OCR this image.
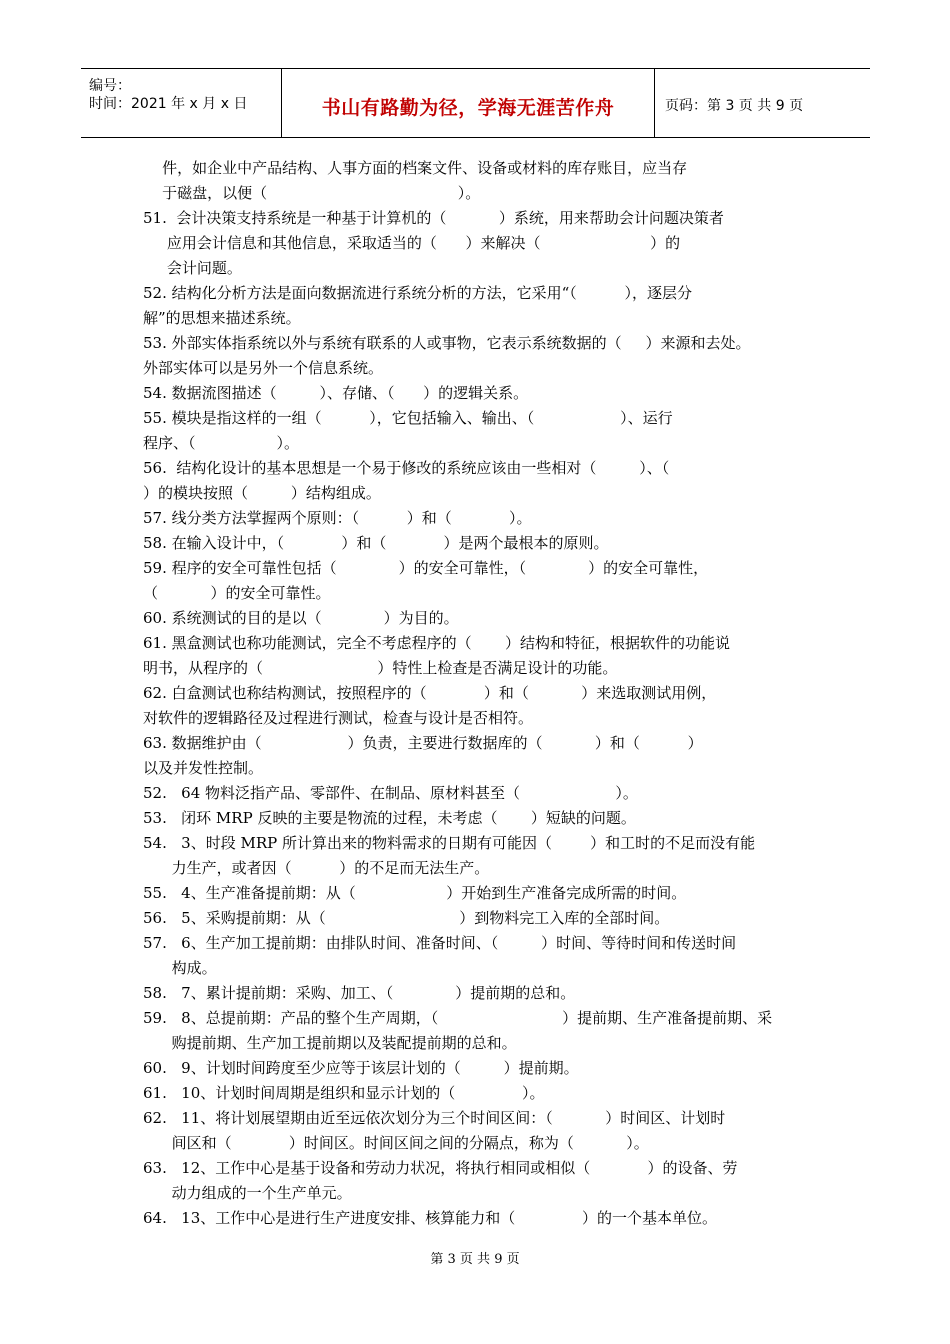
编号：
时间：2021 年 x 月 x 日	书山有路勤为径，学海无涯苦作舟	页码：第 3 页 共 9 页
件，如企业中产品结构、人事方面的档案文件、设备或材料的库存账目，应当存
于磁盘，以便（                                        ）。
51.  会计决策支持系统是一种基于计算机的（           ）系统，用来帮助会计问题决策者
应用会计信息和其他信息，采取适当的（      ）来解决（                       ）的
会计问题。
52. 结构化分析方法是面向数据流进行系统分析的方法，它采用“（          ），逐层分
解”的思想来描述系统。
53. 外部实体指系统以外与系统有联系的人或事物，它表示系统数据的（     ）来源和去处。
外部实体可以是另外一个信息系统。
54. 数据流图描述（         ）、存储、（      ）的逻辑关系。
55. 模块是指这样的一组（          ），它包括输入、输出、（                  ）、运行
程序、（                 ）。
56.  结构化设计的基本思想是一个易于修改的系统应该由一些相对（         ）、（
）的模块按照（         ）结构组成。
57. 线分类方法掌握两个原则：（          ）和（            ）。
58. 在输入设计中，（            ）和（            ）是两个最根本的原则。
59. 程序的安全可靠性包括（             ）的安全可靠性，（             ）的安全可靠性，
（           ）的安全可靠性。
60. 系统测试的目的是以（             ）为目的。
61. 黑盒测试也称功能测试，完全不考虑程序的（       ）结构和特征，根据软件的功能说
明书，从程序的（                        ）特性上检查是否满足设计的功能。
62. 白盒测试也称结构测试，按照程序的（            ）和（           ）来选取测试用例，
对软件的逻辑路径及过程进行测试，检查与设计是否相符。
63. 数据维护由（                  ）负责，主要进行数据库的（           ）和（          ）
以及并发性控制。
52.   64 物料泛指产品、零部件、在制品、原材料甚至（                    ）。
53.   闭环 MRP 反映的主要是物流的过程，未考虑（       ）短缺的问题。
54.   3、时段 MRP 所计算出来的物料需求的日期有可能因（        ）和工时的不足而没有能
力生产，或者因（          ）的不足而无法生产。
55.   4、生产准备提前期：从（                   ）开始到生产准备完成所需的时间。
56.   5、采购提前期：从（                            ）到物料完工入库的全部时间。
57.   6、生产加工提前期：由排队时间、准备时间、（         ）时间、等待时间和传送时间
构成。
58.   7、累计提前期：采购、加工、（             ）提前期的总和。
59.   8、总提前期：产品的整个生产周期，（                          ）提前期、生产准备提前期、采
购提前期、生产加工提前期以及装配提前期的总和。
60.   9、计划时间跨度至少应等于该层计划的（         ）提前期。
61.   10、计划时间周期是组织和显示计划的（              ）。
62.   11、将计划展望期由近至远依次划分为三个时间区间：（           ）时间区、计划时
间区和（            ）时间区。时间区间之间的分隔点，称为（           ）。
63.   12、工作中心是基于设备和劳动力状况，将执行相同或相似（            ）的设备、劳
动力组成的一个生产单元。
64.   13、工作中心是进行生产进度安排、核算能力和（              ）的一个基本单位。
第 3 页 共 9 页
